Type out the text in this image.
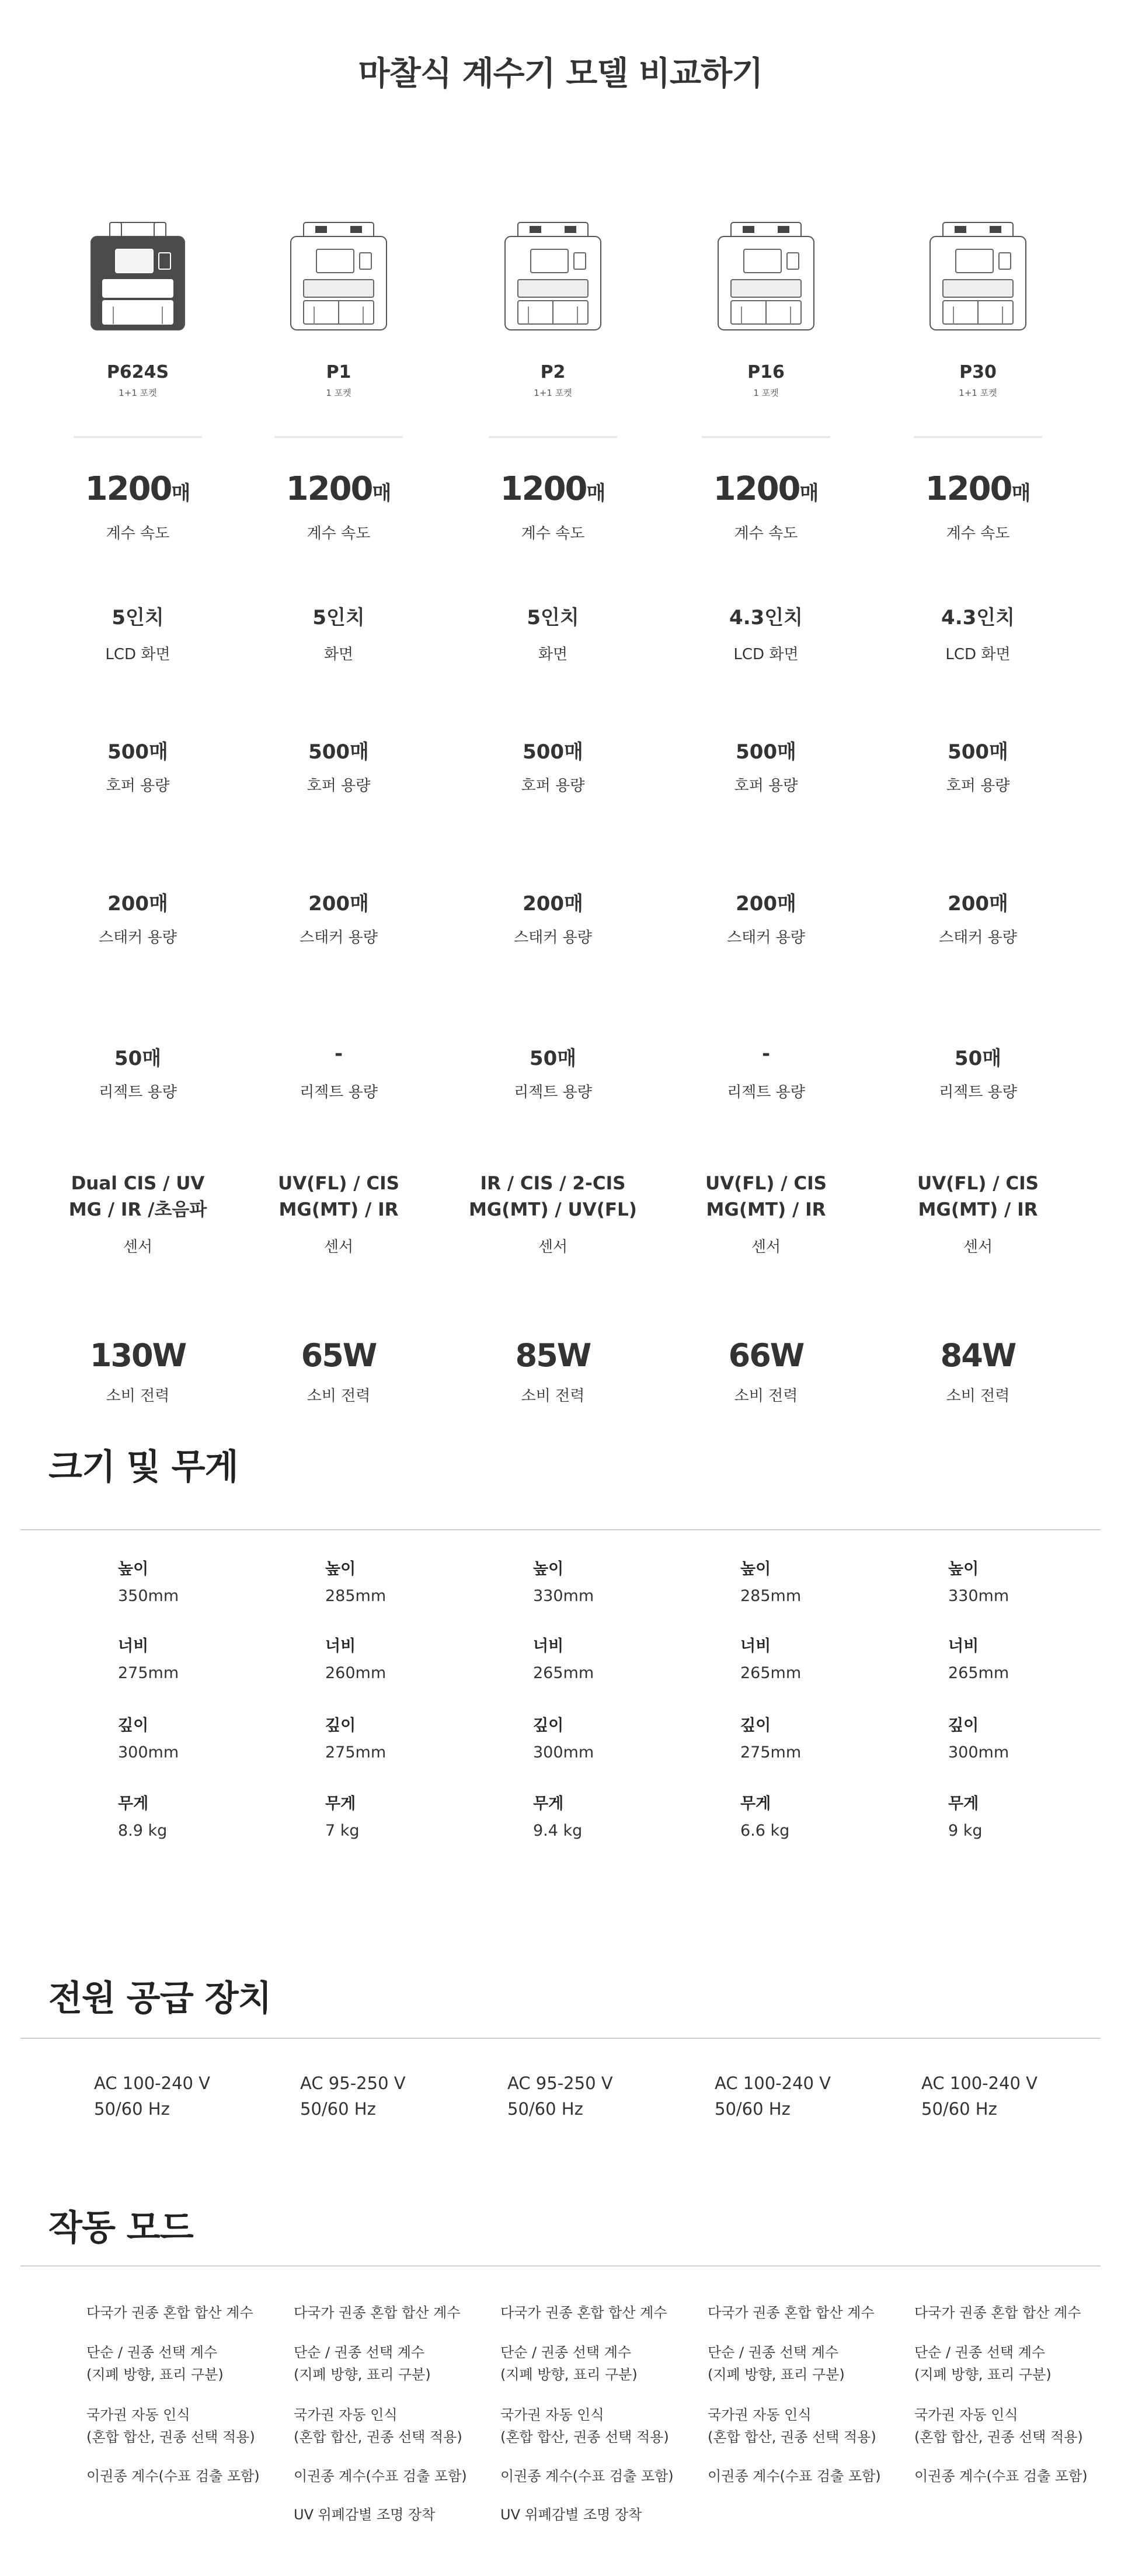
마찰식 계수기 모델 비교하기
P624S
1+1 포켓
1200매
계수 속도
5인치
LCD 화면
500매
호퍼 용량
200매
스태커 용량
50매
리젝트 용량
Dual CIS / UV
MG / IR /초음파
센서
130W
소비 전력
P1
1 포켓
1200매
계수 속도
5인치
화면
500매
호퍼 용량
200매
스태커 용량
-
리젝트 용량
UV(FL) / CIS
MG(MT) / IR
센서
65W
소비 전력
P2
1+1 포켓
1200매
계수 속도
5인치
화면
500매
호퍼 용량
200매
스태커 용량
50매
리젝트 용량
IR / CIS / 2-CIS
MG(MT) / UV(FL)
센서
85W
소비 전력
P16
1 포켓
1200매
계수 속도
4.3인치
LCD 화면
500매
호퍼 용량
200매
스태커 용량
-
리젝트 용량
UV(FL) / CIS
MG(MT) / IR
센서
66W
소비 전력
P30
1+1 포켓
1200매
계수 속도
4.3인치
LCD 화면
500매
호퍼 용량
200매
스태커 용량
50매
리젝트 용량
UV(FL) / CIS
MG(MT) / IR
센서
84W
소비 전력
크기 및 무게
높이
350mm
너비
275mm
깊이
300mm
무게
8.9 kg
높이
285mm
너비
260mm
깊이
275mm
무게
7 kg
높이
330mm
너비
265mm
깊이
300mm
무게
9.4 kg
높이
285mm
너비
265mm
깊이
275mm
무게
6.6 kg
높이
330mm
너비
265mm
깊이
300mm
무게
9 kg
전원 공급 장치
AC 100-240 V
50/60 Hz
AC 95-250 V
50/60 Hz
AC 95-250 V
50/60 Hz
AC 100-240 V
50/60 Hz
AC 100-240 V
50/60 Hz
작동 모드
다국가 권종 혼합 합산 계수
단순 / 권종 선택 계수
(지폐 방향, 표리 구분)
국가권 자동 인식
(혼합 합산, 권종 선택 적용)
이권종 계수(수표 검출 포함)
다국가 권종 혼합 합산 계수
단순 / 권종 선택 계수
(지폐 방향, 표리 구분)
국가권 자동 인식
(혼합 합산, 권종 선택 적용)
이권종 계수(수표 검출 포함)
UV 위폐감별 조명 장착
다국가 권종 혼합 합산 계수
단순 / 권종 선택 계수
(지폐 방향, 표리 구분)
국가권 자동 인식
(혼합 합산, 권종 선택 적용)
이권종 계수(수표 검출 포함)
UV 위폐감별 조명 장착
다국가 권종 혼합 합산 계수
단순 / 권종 선택 계수
(지폐 방향, 표리 구분)
국가권 자동 인식
(혼합 합산, 권종 선택 적용)
이권종 계수(수표 검출 포함)
다국가 권종 혼합 합산 계수
단순 / 권종 선택 계수
(지폐 방향, 표리 구분)
국가권 자동 인식
(혼합 합산, 권종 선택 적용)
이권종 계수(수표 검출 포함)
